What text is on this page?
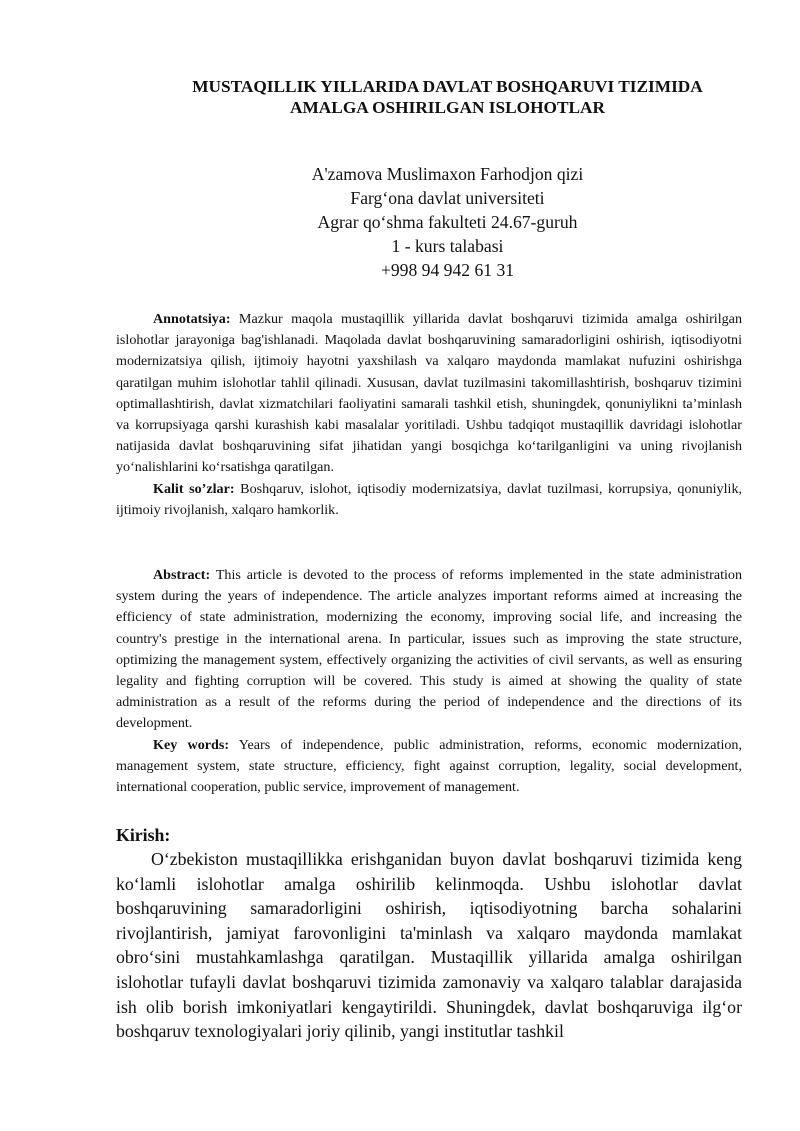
MUSTAQILLIK YILLARIDA DAVLAT BOSHQARUVI TIZIMIDA
AMALGA OSHIRILGAN ISLOHOTLAR
A'zamova Muslimaxon Farhodjon qizi
Farg‘ona davlat universiteti
Agrar qo‘shma fakulteti 24.67-guruh
1 - kurs talabasi
+998 94 942 61 31

Annotatsiya: Mazkur maqola mustaqillik yillarida davlat boshqaruvi tizimida amalga oshirilgan islohotlar jarayoniga bag'ishlanadi. Maqolada davlat boshqaruvining samaradorligini oshirish, iqtisodiyotni modernizatsiya qilish, ijtimoiy hayotni yaxshilash va xalqaro maydonda mamlakat nufuzini oshirishga qaratilgan muhim islohotlar tahlil qilinadi. Xususan, davlat tuzilmasini takomillashtirish, boshqaruv tizimini optimallashtirish, davlat xizmatchilari faoliyatini samarali tashkil etish, shuningdek, qonuniylikni ta’minlash va korrupsiyaga qarshi kurashish kabi masalalar yoritiladi. Ushbu tadqiqot mustaqillik davridagi islohotlar natijasida davlat boshqaruvining sifat jihatidan yangi bosqichga ko‘tarilganligini va uning rivojlanish yo‘nalishlarini ko‘rsatishga qaratilgan.

Kalit so’zlar: Boshqaruv, islohot, iqtisodiy modernizatsiya, davlat tuzilmasi, korrupsiya, qonuniylik, ijtimoiy rivojlanish, xalqaro hamkorlik.

Abstract: This article is devoted to the process of reforms implemented in the state administration system during the years of independence. The article analyzes important reforms aimed at increasing the efficiency of state administration, modernizing the economy, improving social life, and increasing the country's prestige in the international arena. In particular, issues such as improving the state structure, optimizing the management system, effectively organizing the activities of civil servants, as well as ensuring legality and fighting corruption will be covered. This study is aimed at showing the quality of state administration as a result of the reforms during the period of independence and the directions of its development.

Key words: Years of independence, public administration, reforms, economic modernization, management system, state structure, efficiency, fight against corruption, legality, social development, international cooperation, public service, improvement of management.

Kirish:

O‘zbekiston mustaqillikka erishganidan buyon davlat boshqaruvi tizimida keng ko‘lamli islohotlar amalga oshirilib kelinmoqda. Ushbu islohotlar davlat boshqaruvining samaradorligini oshirish, iqtisodiyotning barcha sohalarini rivojlantirish, jamiyat farovonligini ta'minlash va xalqaro maydonda mamlakat obro‘sini mustahkamlashga qaratilgan. Mustaqillik yillarida amalga oshirilgan islohotlar tufayli davlat boshqaruvi tizimida zamonaviy va xalqaro talablar darajasida ish olib borish imkoniyatlari kengaytirildi. Shuningdek, davlat boshqaruviga ilg‘or boshqaruv texnologiyalari joriy qilinib, yangi institutlar tashkil
